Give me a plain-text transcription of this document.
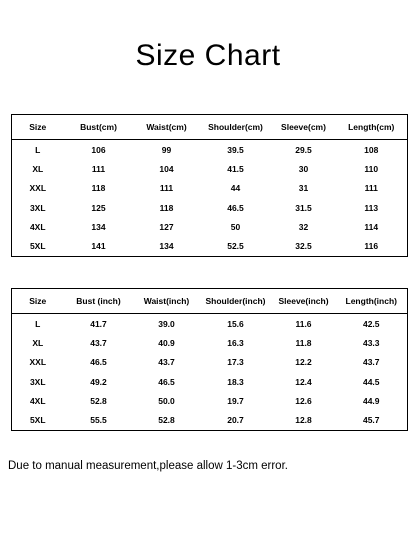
Size Chart
Size	Bust(cm)	Waist(cm)	Shoulder(cm)	Sleeve(cm)	Length(cm)
L	106	99	39.5	29.5	108
XL	111	104	41.5	30	110
XXL	118	111	44	31	111
3XL	125	118	46.5	31.5	113
4XL	134	127	50	32	114
5XL	141	134	52.5	32.5	116
Size	Bust (inch)	Waist(inch)	Shoulder(inch)	Sleeve(inch)	Length(inch)
L	41.7	39.0	15.6	11.6	42.5
XL	43.7	40.9	16.3	11.8	43.3
XXL	46.5	43.7	17.3	12.2	43.7
3XL	49.2	46.5	18.3	12.4	44.5
4XL	52.8	50.0	19.7	12.6	44.9
5XL	55.5	52.8	20.7	12.8	45.7
Due to manual measurement,please allow 1-3cm error.
